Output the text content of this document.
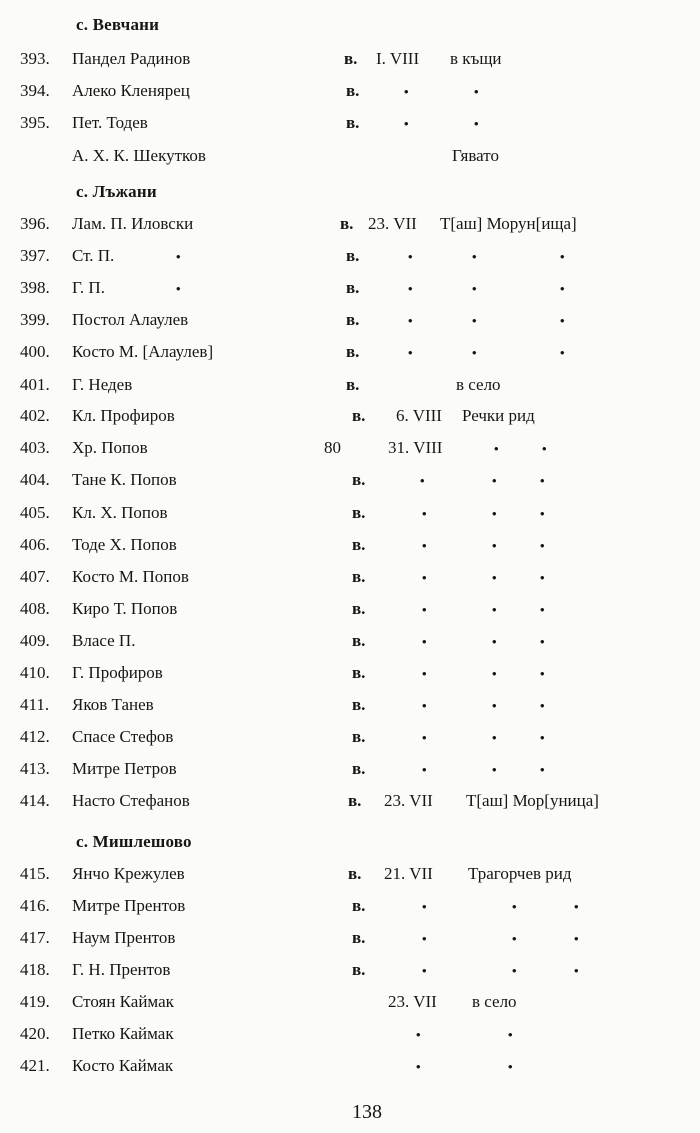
с. Вевчани
393.	Пандел Радинов	в. I. VIII в къщи
394.	Алеко Кленярец	в.	•	•
395.	Пет. Тодев	в.	•	•
А. Х. К. Шекутков	Гявато
с. Лъжани
396.	Лам. П. Иловски	в. 23. VII Т[аш] Морун[ища]
397.	Ст. П.	•	в.	•	•	•
398.	Г. П.	•	в.	•	•	•
399.	Постол Алаулев	в.	•	•	•
400.	Косто М. [Алаулев]	в.	•	•	•
401.	Г. Недев	в.	в село
402.	Кл. Профиров	в. 6. VIII Речки рид
403.	Хр. Попов	80	31. VIII	•	•
404.	Тане К. Попов	в.	•	•	•
405.	Кл. Х. Попов	в.	•	•	•
406.	Тоде Х. Попов	в.	•	•	•
407.	Косто М. Попов	в.	•	•	•
408.	Киро Т. Попов	в.	•	•	•
409.	Власе П.	в.	•	•	•
410.	Г. Профиров	в.	•	•	•
411.	Яков Танев	в.	•	•	•
412.	Спасе Стефов	в.	•	•	•
413.	Митре Петров	в.	•	•	•
414.	Насто Стефанов	в. 23. VII Т[аш] Мор[уница]
с. Мишлешово
415.	Янчо Крежулев	в. 21. VII Трагорчев рид
416.	Митре Прентов	в.	•	•	•
417.	Наум Прентов	в.	•	•	•
418.	Г. Н. Прентов	в.	•	•	•
419.	Стоян Каймак	23. VII в село
420.	Петко Каймак	•	•
421.	Косто Каймак	•	•
138
